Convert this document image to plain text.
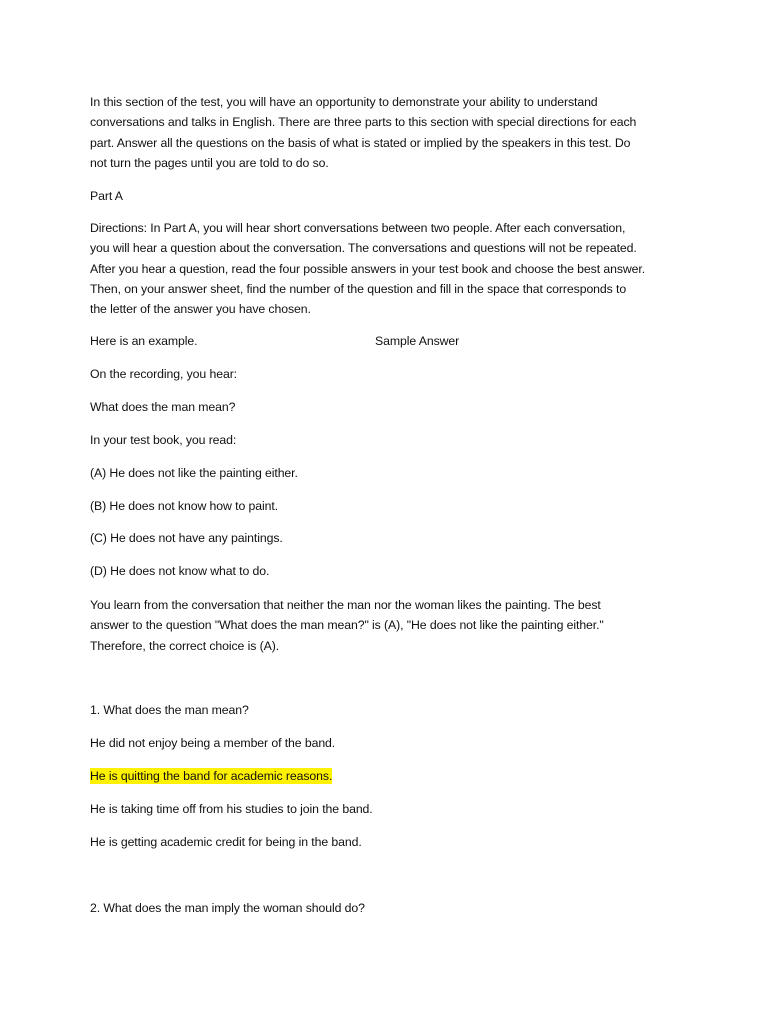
In this section of the test, you will have an opportunity to demonstrate your ability to understand
conversations and talks in English. There are three parts to this section with special directions for each
part. Answer all the questions on the basis of what is stated or implied by the speakers in this test. Do
not turn the pages until you are told to do so.
Part A
Directions: In Part A, you will hear short conversations between two people. After each conversation,
you will hear a question about the conversation. The conversations and questions will not be repeated.
After you hear a question, read the four possible answers in your test book and choose the best answer.
Then, on your answer sheet, find the number of the question and fill in the space that corresponds to
the letter of the answer you have chosen.
Here is an example.	Sample Answer
On the recording, you hear:
What does the man mean?
In your test book, you read:
(A) He does not like the painting either.
(B) He does not know how to paint.
(C) He does not have any paintings.
(D) He does not know what to do.
You learn from the conversation that neither the man nor the woman likes the painting. The best
answer to the question "What does the man mean?" is (A), "He does not like the painting either."
Therefore, the correct choice is (A).
1. What does the man mean?
He did not enjoy being a member of the band.
He is quitting the band for academic reasons.
He is taking time off from his studies to join the band.
He is getting academic credit for being in the band.
2. What does the man imply the woman should do?
